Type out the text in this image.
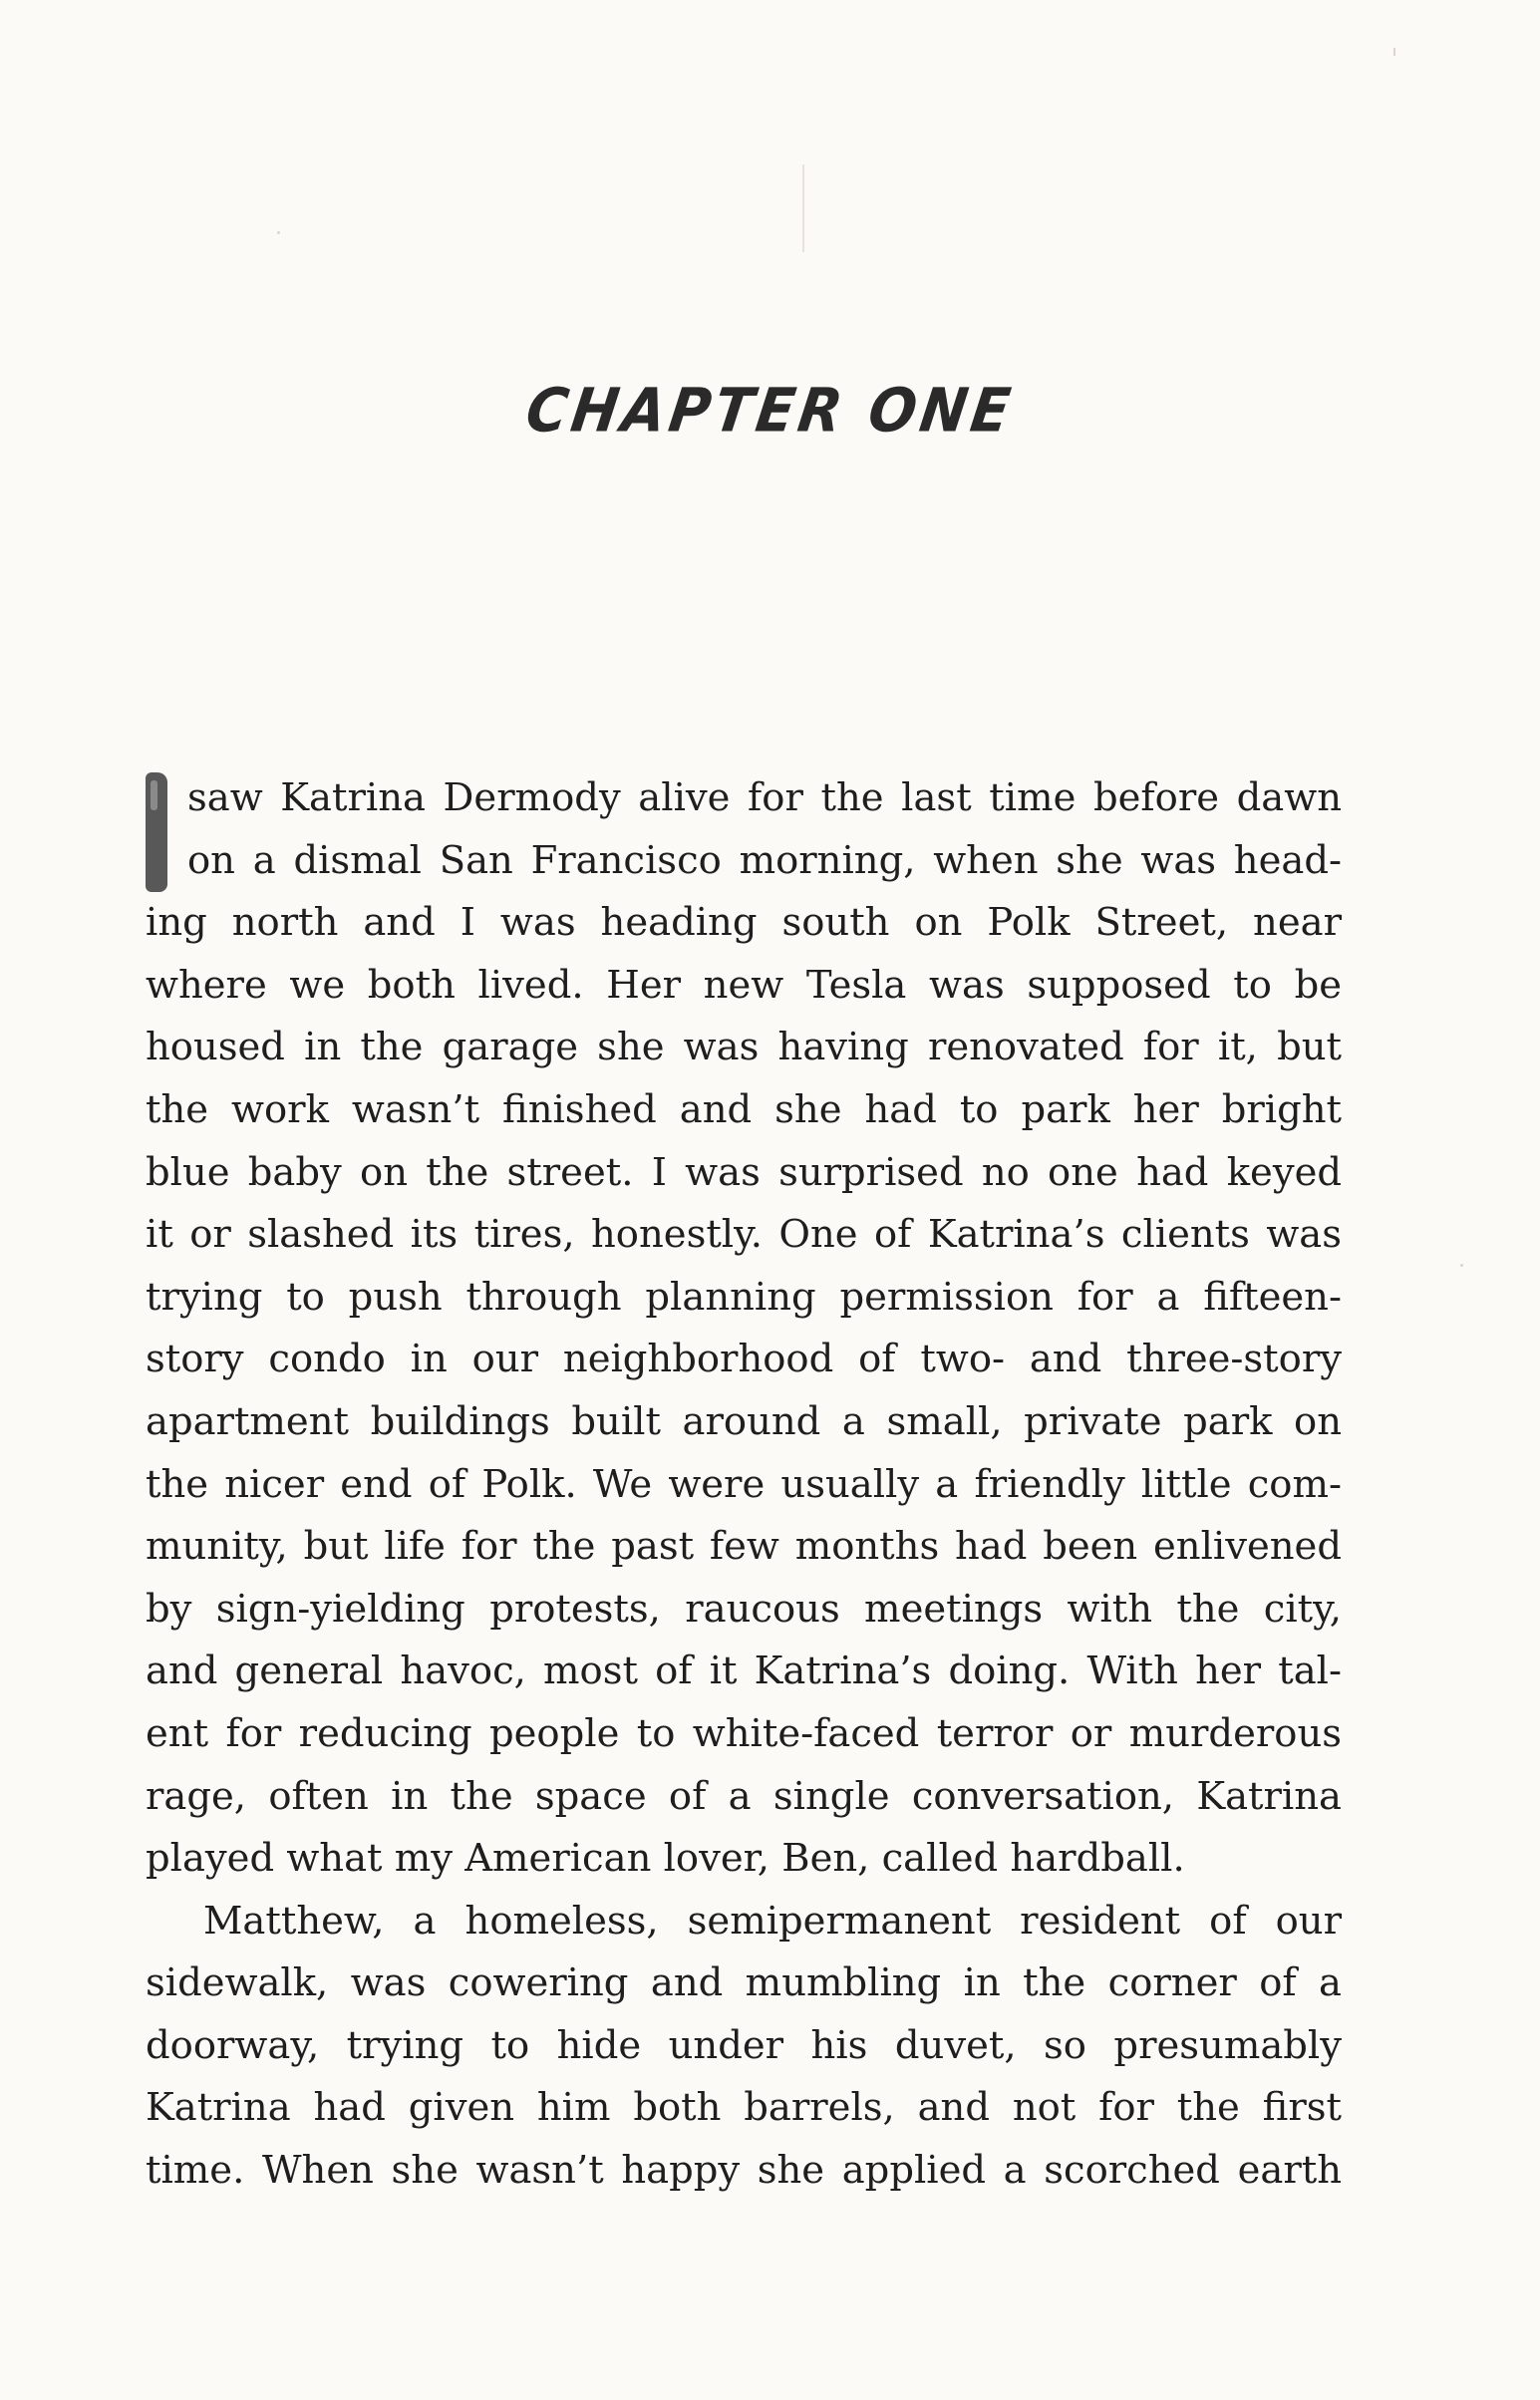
CHAPTER ONE
saw Katrina Dermody alive for the last time before dawn
on a dismal San Francisco morning, when she was head-
ing north and I was heading south on Polk Street, near
where we both lived. Her new Tesla was supposed to be
housed in the garage she was having renovated for it, but
the work wasn’t finished and she had to park her bright
blue baby on the street. I was surprised no one had keyed
it or slashed its tires, honestly. One of Katrina’s clients was
trying to push through planning permission for a fifteen-
story condo in our neighborhood of two- and three-story
apartment buildings built around a small, private park on
the nicer end of Polk. We were usually a friendly little com-
munity, but life for the past few months had been enlivened
by sign-yielding protests, raucous meetings with the city,
and general havoc, most of it Katrina’s doing. With her tal-
ent for reducing people to white-faced terror or murderous
rage, often in the space of a single conversation, Katrina
played what my American lover, Ben, called hardball.
Matthew, a homeless, semipermanent resident of our
sidewalk, was cowering and mumbling in the corner of a
doorway, trying to hide under his duvet, so presumably
Katrina had given him both barrels, and not for the first
time. When she wasn’t happy she applied a scorched earth
